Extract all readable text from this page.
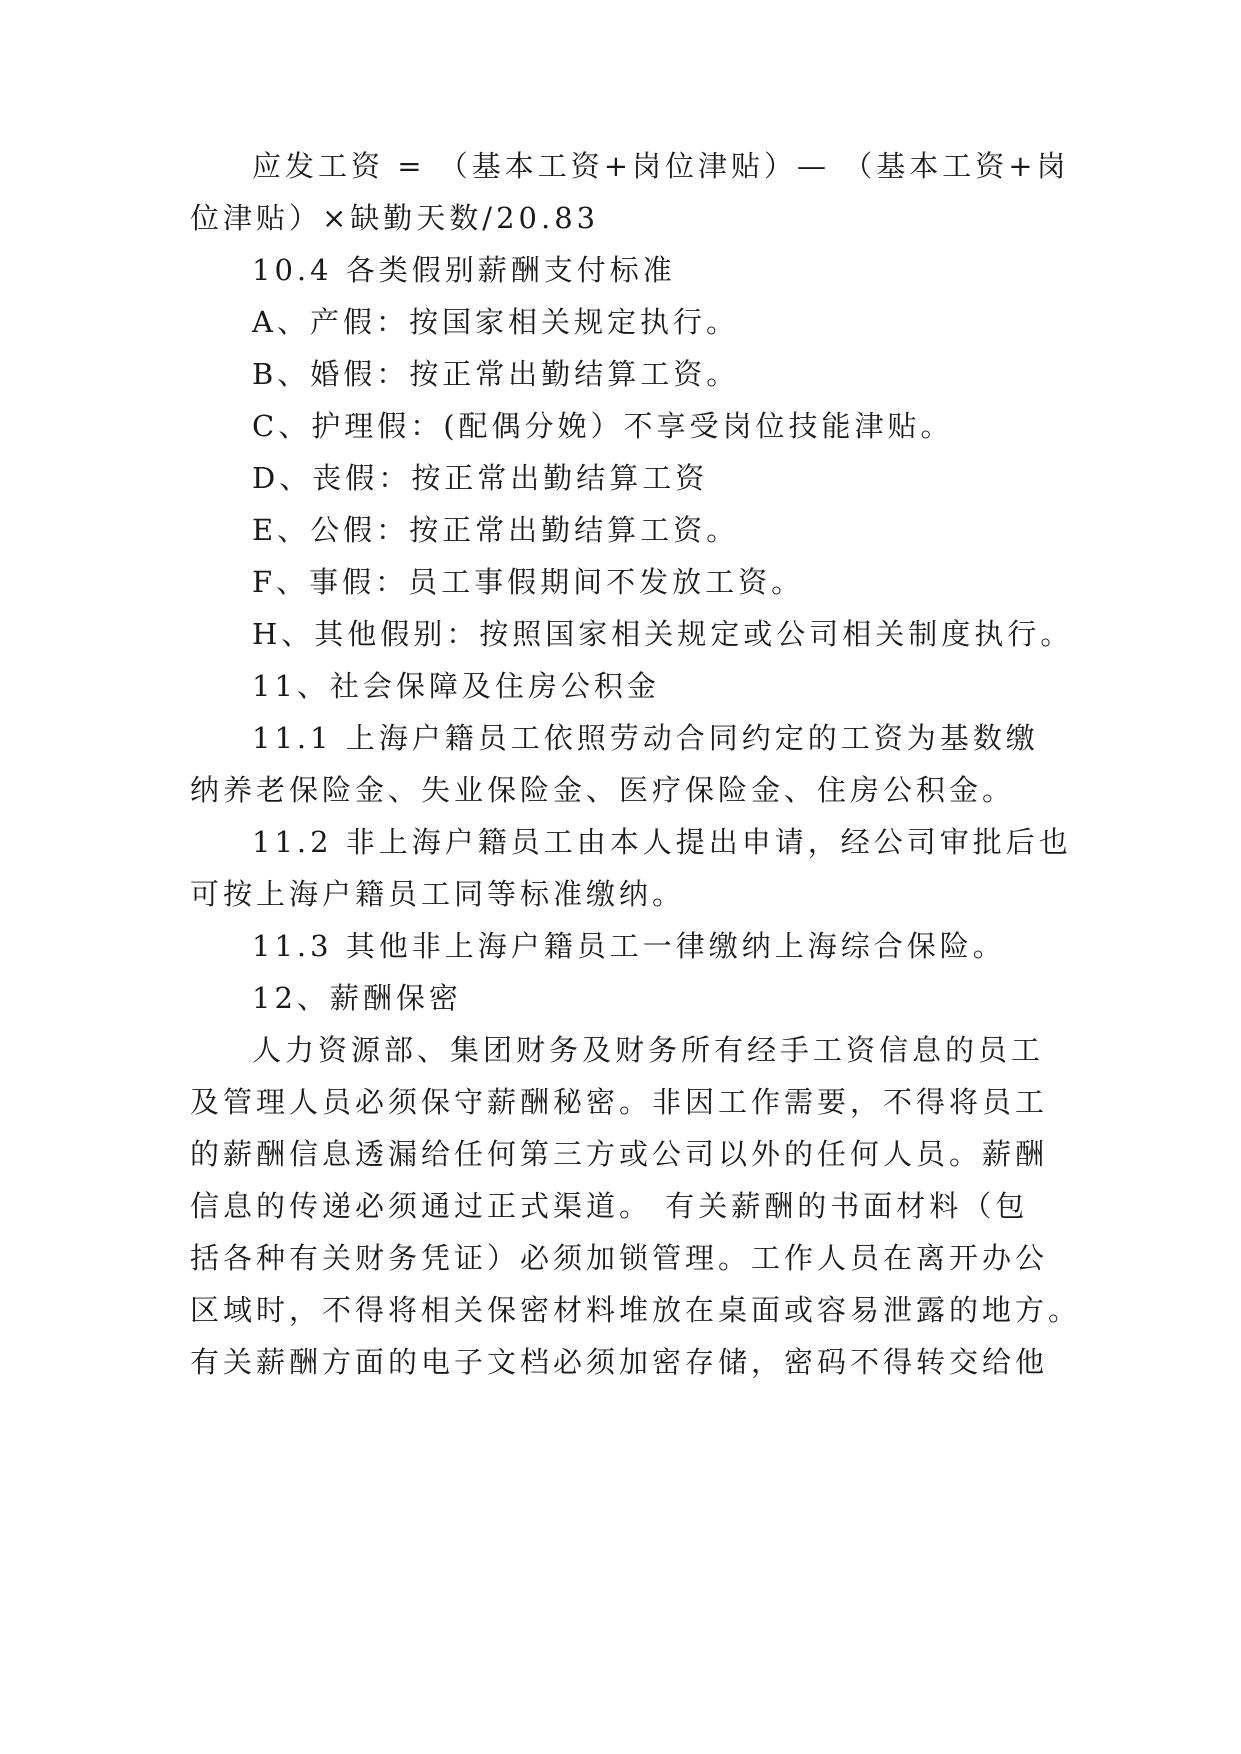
应发工资 = （基本工资+岗位津贴）— （基本工资+岗
位津贴）×缺勤天数/20.83
10.4 各类假别薪酬支付标准
A、产假：按国家相关规定执行。
B、婚假：按正常出勤结算工资。
C、护理假：(配偶分娩）不享受岗位技能津贴。
D、丧假：按正常出勤结算工资
E、公假：按正常出勤结算工资。
F、事假：员工事假期间不发放工资。
H、其他假别：按照国家相关规定或公司相关制度执行。
11、社会保障及住房公积金
11.1 上海户籍员工依照劳动合同约定的工资为基数缴
纳养老保险金、失业保险金、医疗保险金、住房公积金。
11.2 非上海户籍员工由本人提出申请，经公司审批后也
可按上海户籍员工同等标准缴纳。
11.3 其他非上海户籍员工一律缴纳上海综合保险。
12、薪酬保密
人力资源部、集团财务及财务所有经手工资信息的员工
及管理人员必须保守薪酬秘密。非因工作需要，不得将员工
的薪酬信息透漏给任何第三方或公司以外的任何人员。薪酬
信息的传递必须通过正式渠道。 有关薪酬的书面材料（包
括各种有关财务凭证）必须加锁管理。工作人员在离开办公
区域时，不得将相关保密材料堆放在桌面或容易泄露的地方。
有关薪酬方面的电子文档必须加密存储，密码不得转交给他
